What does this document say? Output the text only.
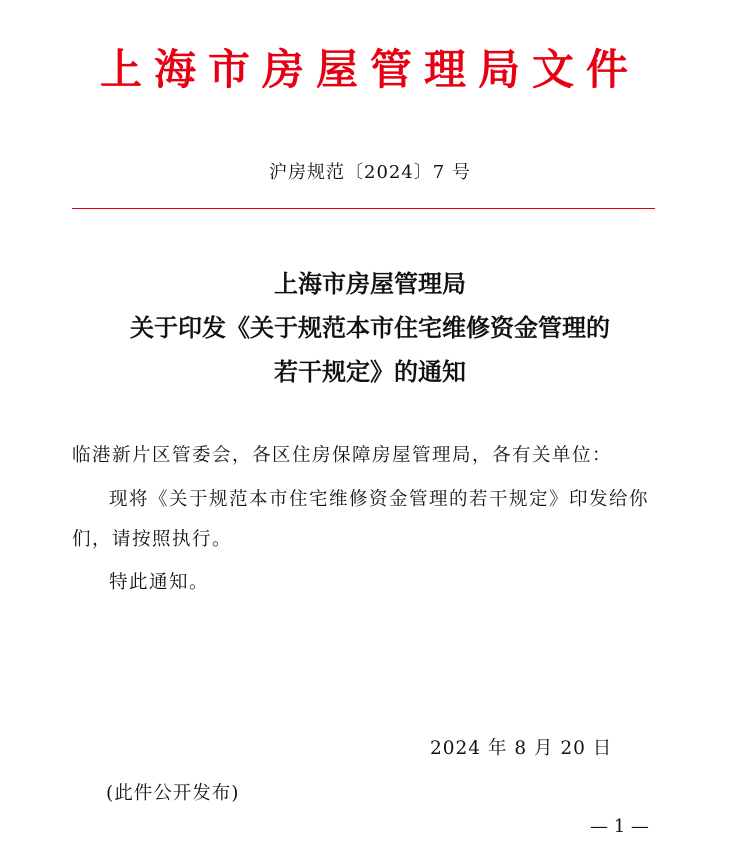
上海市房屋管理局文件
沪房规范〔2024〕7 号
上海市房屋管理局
关于印发《关于规范本市住宅维修资金管理的
若干规定》的通知
临港新片区管委会，各区住房保障房屋管理局，各有关单位：
现将《关于规范本市住宅维修资金管理的若干规定》印发给你们，请按照执行。
特此通知。
2024 年 8 月 20 日
(此件公开发布)
— 1 —
